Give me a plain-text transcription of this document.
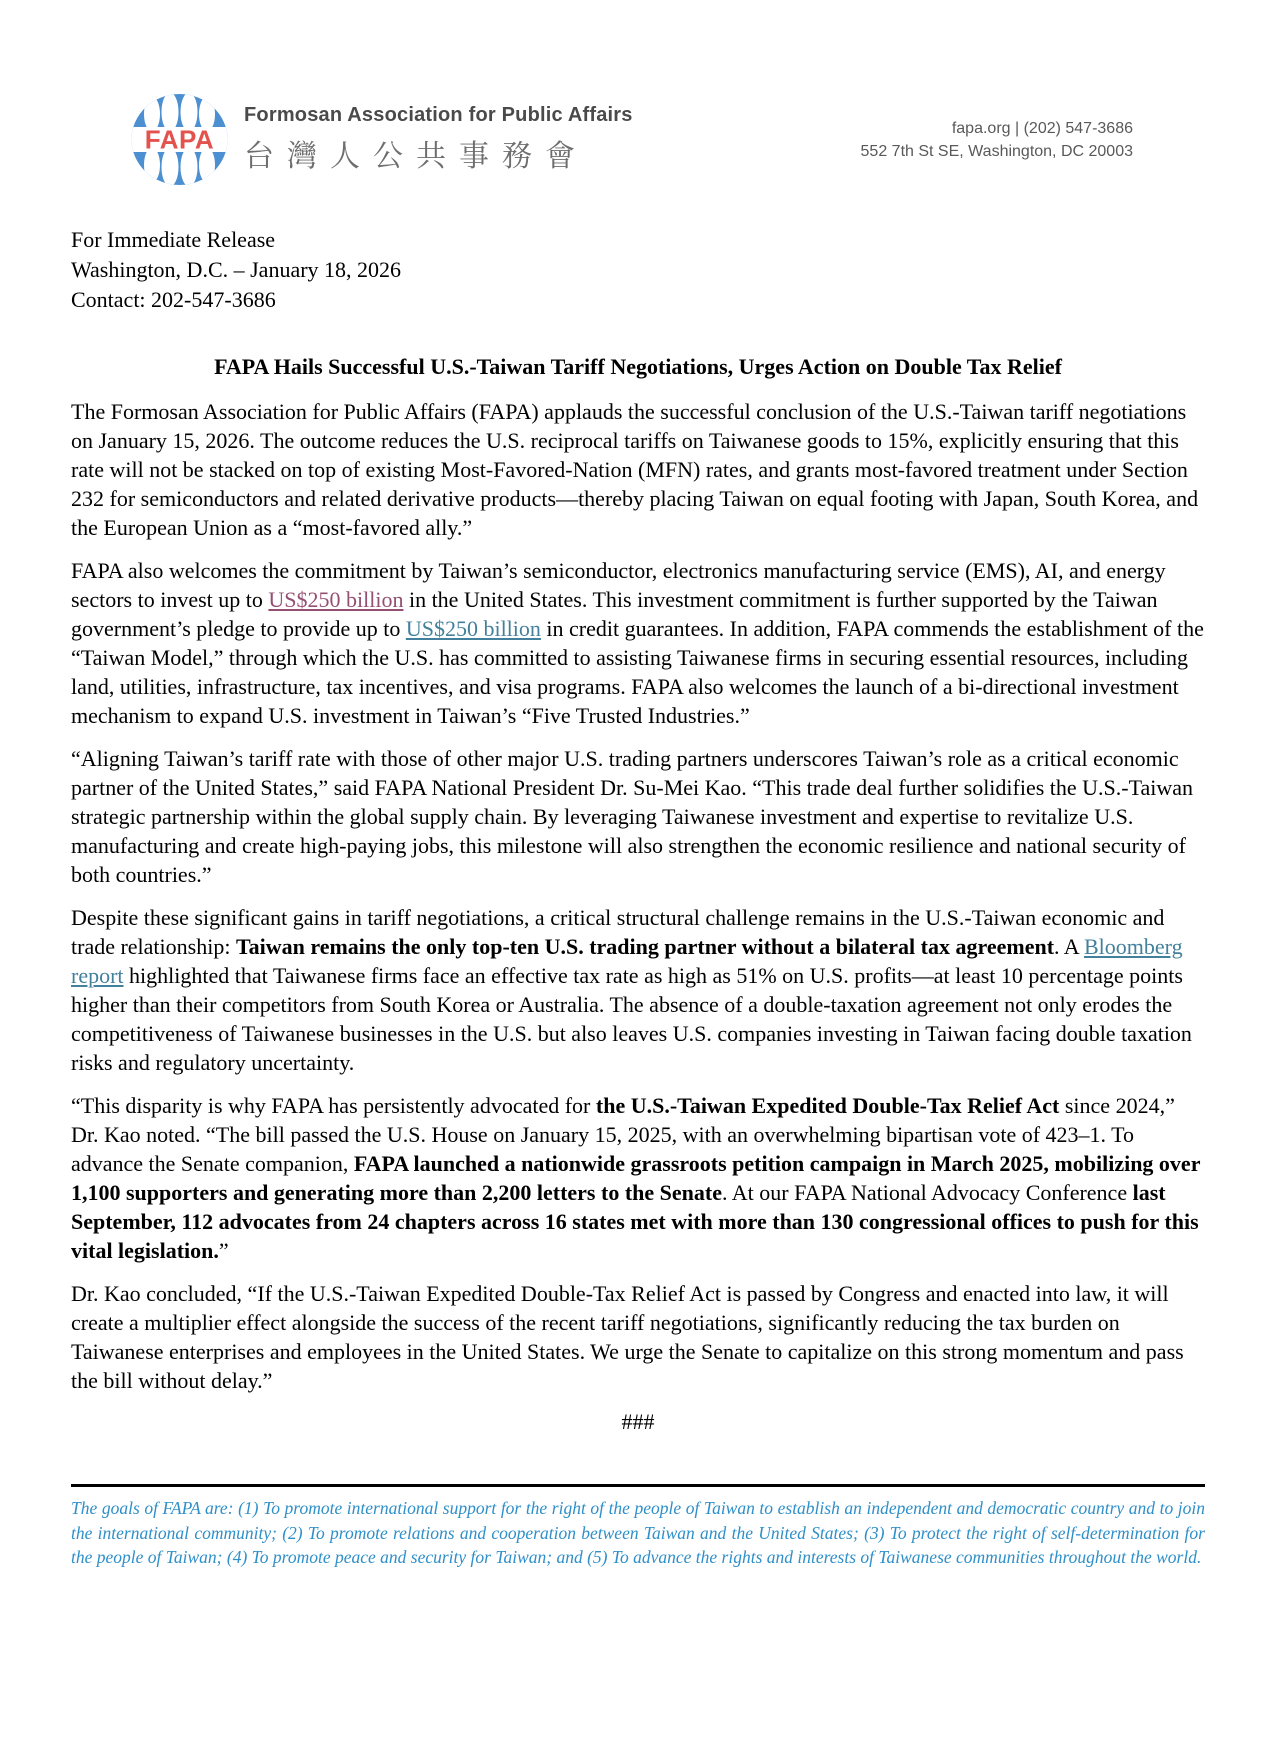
FAPA
Formosan Association for Public Affairs
台灣人公共事務會
fapa.org | (202) 547-3686
552 7th St SE, Washington, DC 20003
For Immediate Release
Washington, D.C. – January 18, 2026
Contact: 202-547-3686
FAPA Hails Successful U.S.-Taiwan Tariff Negotiations, Urges Action on Double Tax Relief

The Formosan Association for Public Affairs (FAPA) applauds the successful conclusion of the U.S.-Taiwan tariff negotiations on January 15, 2026. The outcome reduces the U.S. reciprocal tariffs on Taiwanese goods to 15%, explicitly ensuring that this rate will not be stacked on top of existing Most-Favored-Nation (MFN) rates, and grants most-favored treatment under Section 232 for semiconductors and related derivative products—thereby placing Taiwan on equal footing with Japan, South Korea, and the European Union as a “most-favored ally.”

FAPA also welcomes the commitment by Taiwan’s semiconductor, electronics manufacturing service (EMS), AI, and energy sectors to invest up to US$250 billion in the United States. This investment commitment is further supported by the Taiwan government’s pledge to provide up to US$250 billion in credit guarantees. In addition, FAPA commends the establishment of the “Taiwan Model,” through which the U.S. has committed to assisting Taiwanese firms in securing essential resources, including land, utilities, infrastructure, tax incentives, and visa programs. FAPA also welcomes the launch of a bi-directional investment mechanism to expand U.S. investment in Taiwan’s “Five Trusted Industries.”

“Aligning Taiwan’s tariff rate with those of other major U.S. trading partners underscores Taiwan’s role as a critical economic partner of the United States,” said FAPA National President Dr. Su-Mei Kao. “This trade deal further solidifies the U.S.-Taiwan strategic partnership within the global supply chain. By leveraging Taiwanese investment and expertise to revitalize U.S. manufacturing and create high-paying jobs, this milestone will also strengthen the economic resilience and national security of both countries.”

Despite these significant gains in tariff negotiations, a critical structural challenge remains in the U.S.-Taiwan economic and trade relationship: Taiwan remains the only top-ten U.S. trading partner without a bilateral tax agreement. A Bloomberg report highlighted that Taiwanese firms face an effective tax rate as high as 51% on U.S. profits—at least 10 percentage points higher than their competitors from South Korea or Australia. The absence of a double-taxation agreement not only erodes the competitiveness of Taiwanese businesses in the U.S. but also leaves U.S. companies investing in Taiwan facing double taxation risks and regulatory uncertainty.

“This disparity is why FAPA has persistently advocated for the U.S.-Taiwan Expedited Double-Tax Relief Act since 2024,” Dr. Kao noted. “The bill passed the U.S. House on January 15, 2025, with an overwhelming bipartisan vote of 423–1. To advance the Senate companion, FAPA launched a nationwide grassroots petition campaign in March 2025, mobilizing over 1,100 supporters and generating more than 2,200 letters to the Senate. At our FAPA National Advocacy Conference last September, 112 advocates from 24 chapters across 16 states met with more than 130 congressional offices to push for this vital legislation.”

Dr. Kao concluded, “If the U.S.-Taiwan Expedited Double-Tax Relief Act is passed by Congress and enacted into law, it will create a multiplier effect alongside the success of the recent tariff negotiations, significantly reducing the tax burden on Taiwanese enterprises and employees in the United States. We urge the Senate to capitalize on this strong momentum and pass the bill without delay.”

###

The goals of FAPA are: (1) To promote international support for the right of the people of Taiwan to establish an independent and democratic country and to join the international community; (2) To promote relations and cooperation between Taiwan and the United States; (3) To protect the right of self-determination for the people of Taiwan; (4) To promote peace and security for Taiwan; and (5) To advance the rights and interests of Taiwanese communities throughout the world.
